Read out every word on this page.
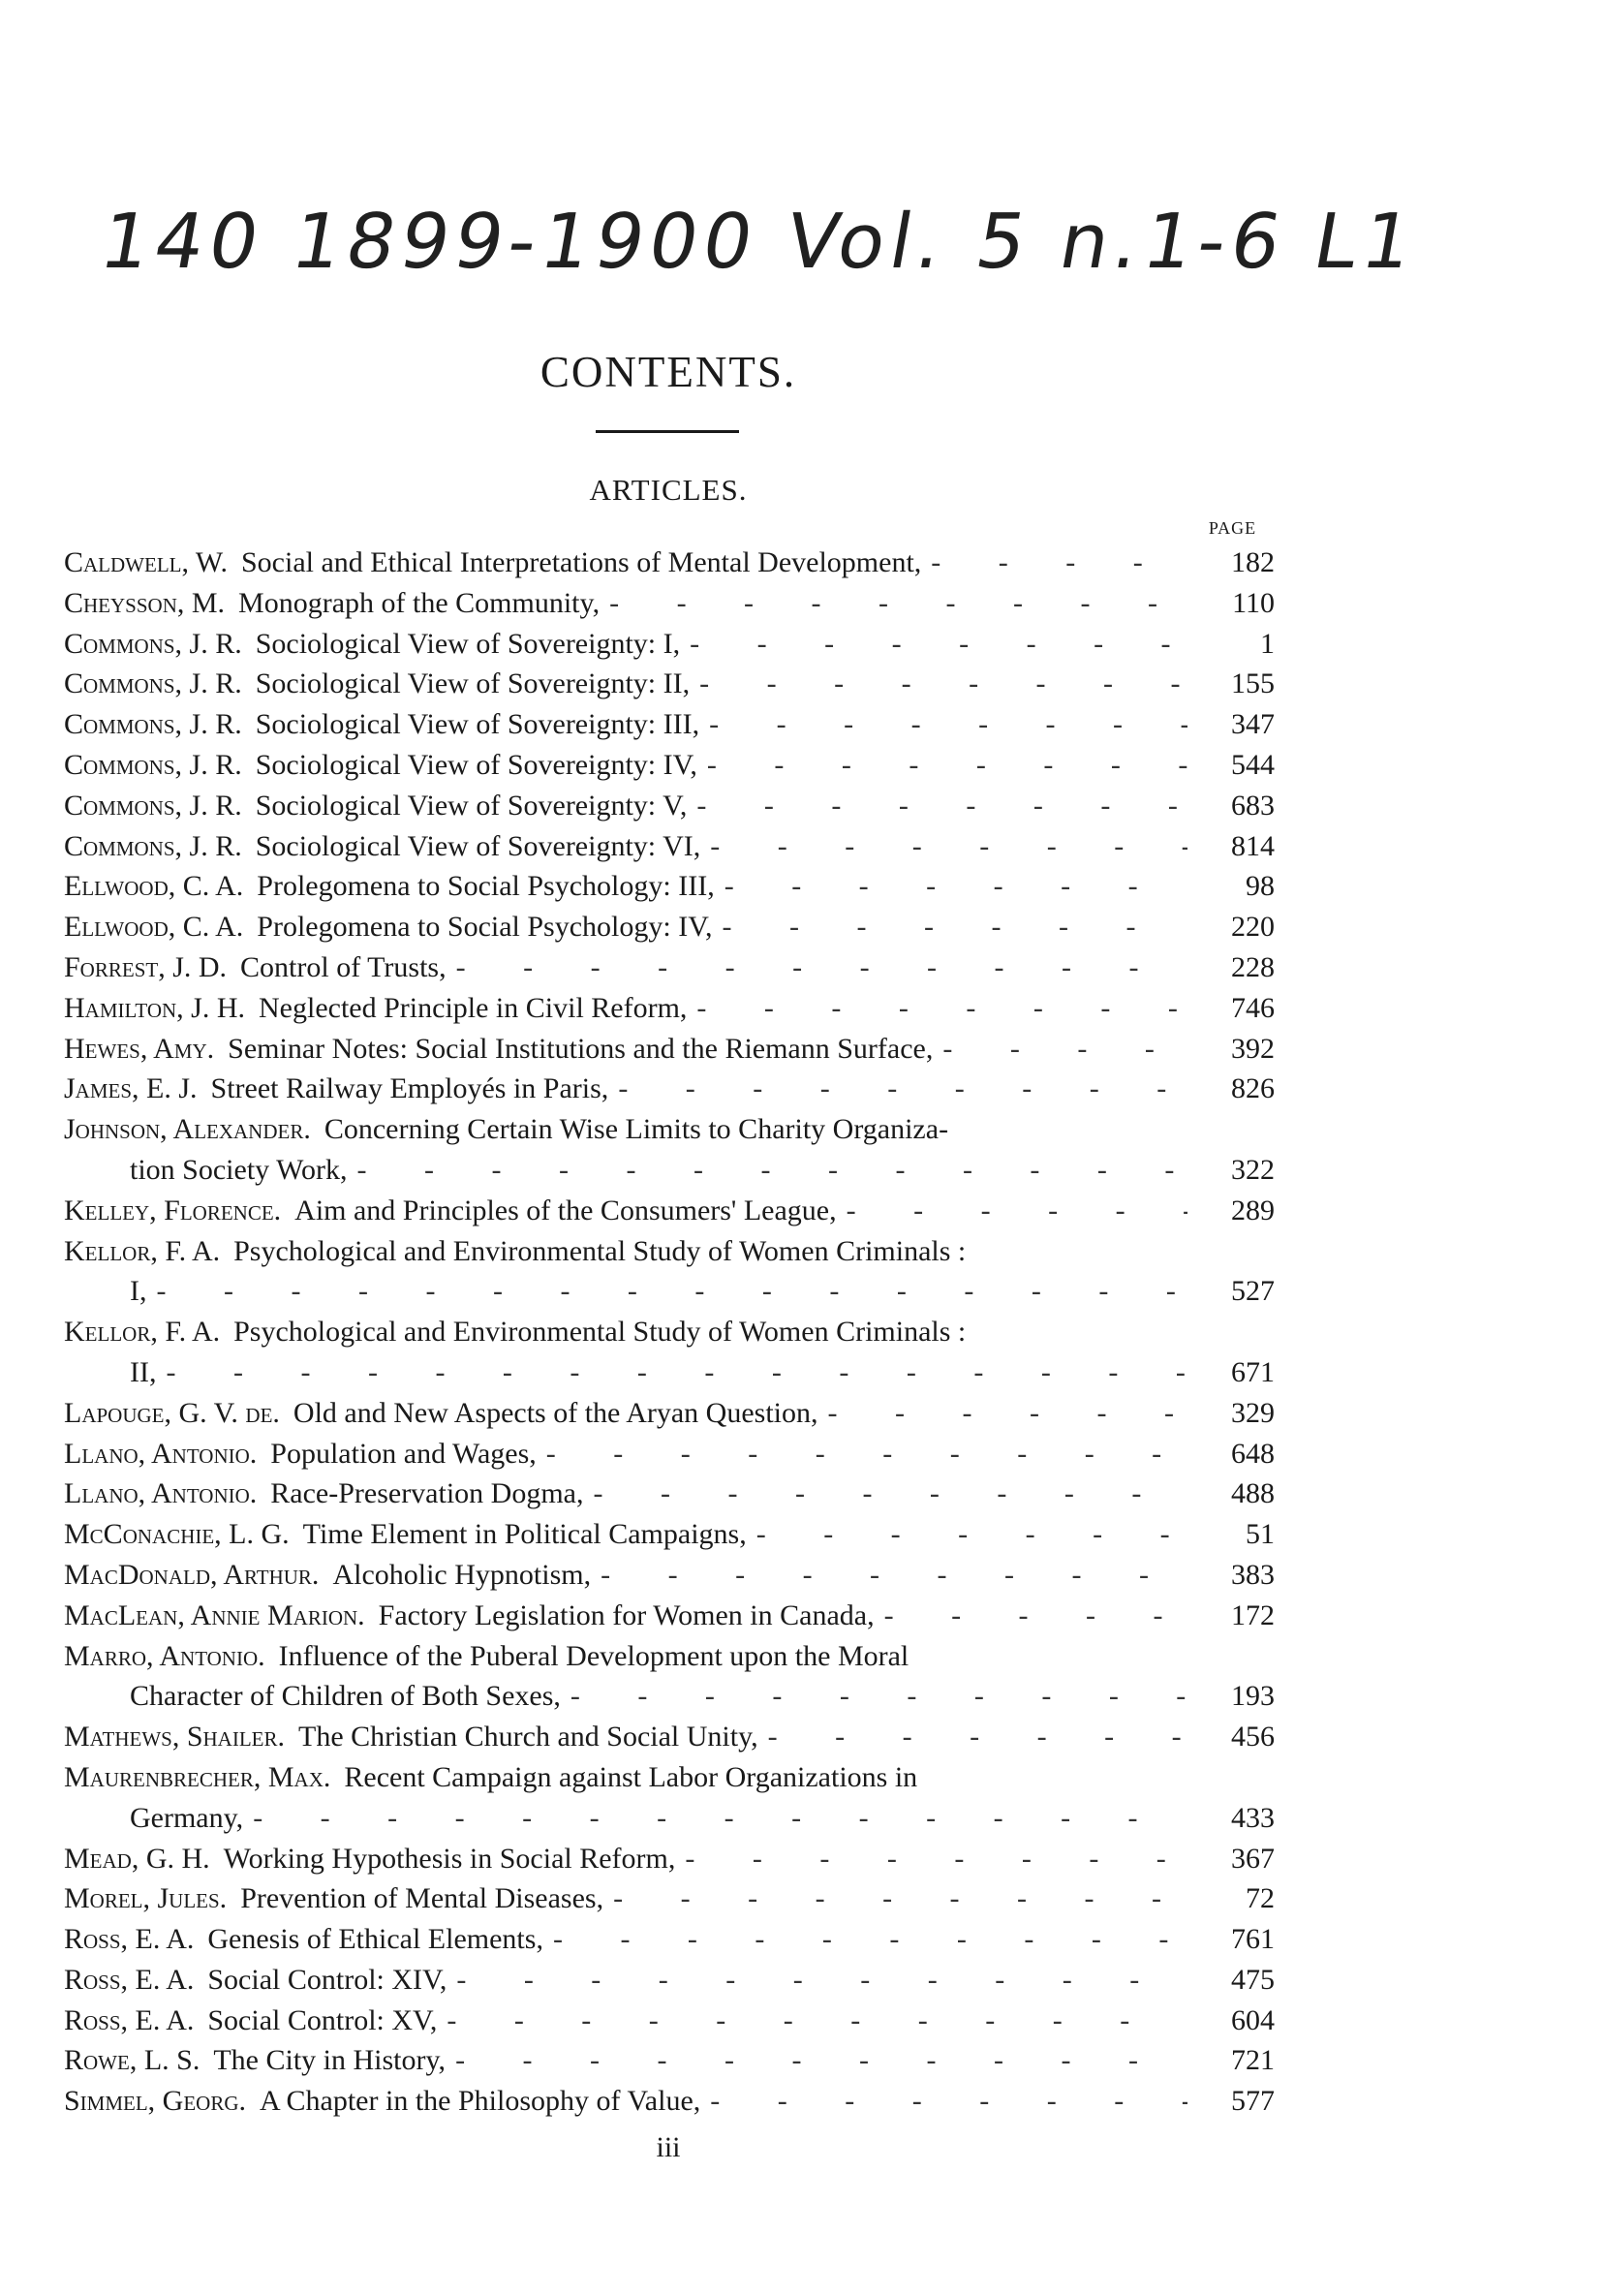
140 1899-1900 Vol. 5 n.1-6 L1
CONTENTS.
ARTICLES.
PAGE
Caldwell, W. Social and Ethical Interpretations of Mental Development, - - -	182
Cheysson, M. Monograph of the Community, - - -	110
Commons, J. R. Sociological View of Sovereignty: I, - - -	1
Commons, J. R. Sociological View of Sovereignty: II, - - -	155
Commons, J. R. Sociological View of Sovereignty: III, - - -	347
Commons, J. R. Sociological View of Sovereignty: IV, - - -	544
Commons, J. R. Sociological View of Sovereignty: V, - - -	683
Commons, J. R. Sociological View of Sovereignty: VI, - - -	814
Ellwood, C. A. Prolegomena to Social Psychology: III, - - -	98
Ellwood, C. A. Prolegomena to Social Psychology: IV, - - -	220
Forrest, J. D. Control of Trusts, - - -	228
Hamilton, J. H. Neglected Principle in Civil Reform, - - -	746
Hewes, Amy. Seminar Notes: Social Institutions and the Riemann Surface, - - -	392
James, E. J. Street Railway Employés in Paris, - - -	826
Johnson, Alexander. Concerning Certain Wise Limits to Charity Organiza-
tion Society Work, - - -	322
Kelley, Florence. Aim and Principles of the Consumers' League, - - -	289
Kellor, F. A. Psychological and Environmental Study of Women Criminals :
I, - - -	527
Kellor, F. A. Psychological and Environmental Study of Women Criminals :
II, - - -	671
Lapouge, G. V. de. Old and New Aspects of the Aryan Question, - - -	329
Llano, Antonio. Population and Wages, - - -	648
Llano, Antonio. Race-Preservation Dogma, - - -	488
McConachie, L. G. Time Element in Political Campaigns, - - -	51
MacDonald, Arthur. Alcoholic Hypnotism, - - -	383
MacLean, Annie Marion. Factory Legislation for Women in Canada, - - -	172
Marro, Antonio. Influence of the Puberal Development upon the Moral
Character of Children of Both Sexes, - - -	193
Mathews, Shailer. The Christian Church and Social Unity, - - -	456
Maurenbrecher, Max. Recent Campaign against Labor Organizations in
Germany, - - -	433
Mead, G. H. Working Hypothesis in Social Reform, - - -	367
Morel, Jules. Prevention of Mental Diseases, - - -	72
Ross, E. A. Genesis of Ethical Elements, - - -	761
Ross, E. A. Social Control: XIV, - - -	475
Ross, E. A. Social Control: XV, - - -	604
Rowe, L. S. The City in History, - - -	721
Simmel, Georg. A Chapter in the Philosophy of Value, - - -	577
iii
